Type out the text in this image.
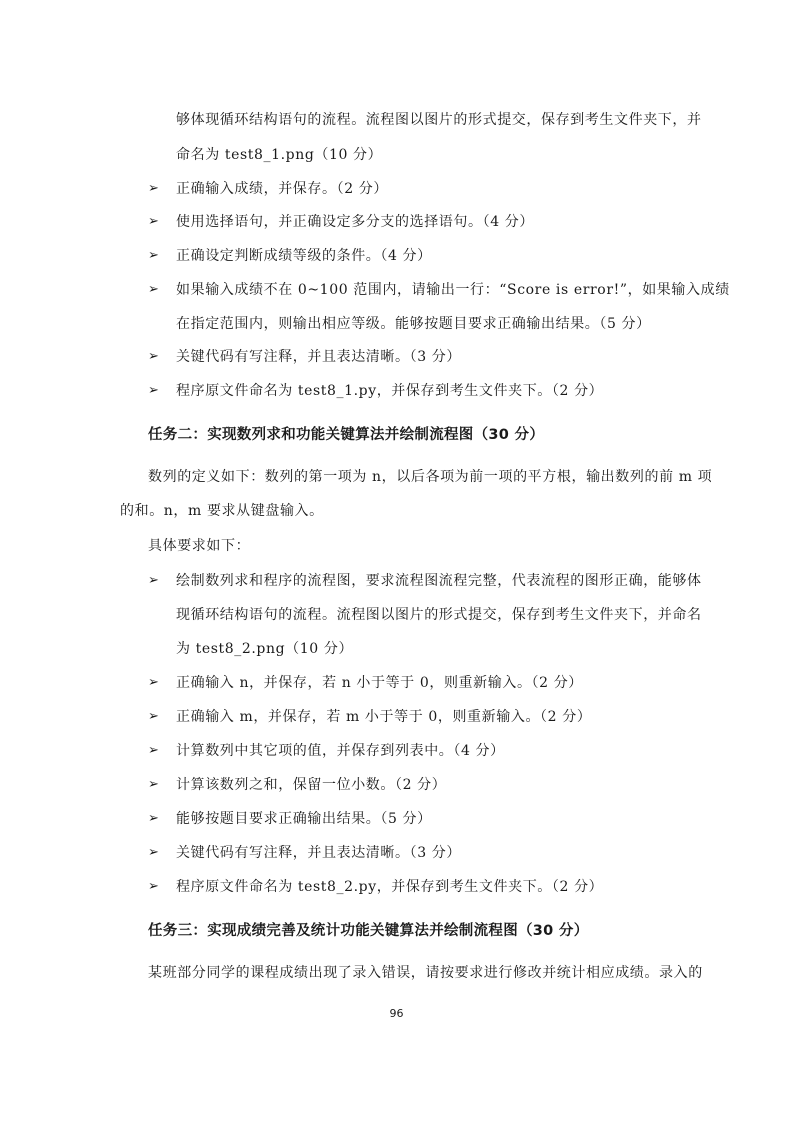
够体现循环结构语句的流程。流程图以图片的形式提交，保存到考生文件夹下，并
命名为 test8_1.png（10 分）
➢ 正确输入成绩，并保存。（2 分）
➢ 使用选择语句，并正确设定多分支的选择语句。（4 分）
➢ 正确设定判断成绩等级的条件。（4 分）
➢ 如果输入成绩不在 0~100 范围内，请输出一行：“Score is error!”，如果输入成绩
在指定范围内，则输出相应等级。能够按题目要求正确输出结果。（5 分）
➢ 关键代码有写注释，并且表达清晰。（3 分）
➢ 程序原文件命名为 test8_1.py，并保存到考生文件夹下。（2 分）
任务二：实现数列求和功能关键算法并绘制流程图（30 分）
数列的定义如下：数列的第一项为 n，以后各项为前一项的平方根，输出数列的前 m 项
的和。n，m 要求从键盘输入。
具体要求如下：
➢ 绘制数列求和程序的流程图，要求流程图流程完整，代表流程的图形正确，能够体
现循环结构语句的流程。流程图以图片的形式提交，保存到考生文件夹下，并命名
为 test8_2.png（10 分）
➢ 正确输入 n，并保存，若 n 小于等于 0，则重新输入。（2 分）
➢ 正确输入 m，并保存，若 m 小于等于 0，则重新输入。（2 分）
➢ 计算数列中其它项的值，并保存到列表中。（4 分）
➢ 计算该数列之和，保留一位小数。（2 分）
➢ 能够按题目要求正确输出结果。（5 分）
➢ 关键代码有写注释，并且表达清晰。（3 分）
➢ 程序原文件命名为 test8_2.py，并保存到考生文件夹下。（2 分）
任务三：实现成绩完善及统计功能关键算法并绘制流程图（30 分）
某班部分同学的课程成绩出现了录入错误，请按要求进行修改并统计相应成绩。录入的
96
